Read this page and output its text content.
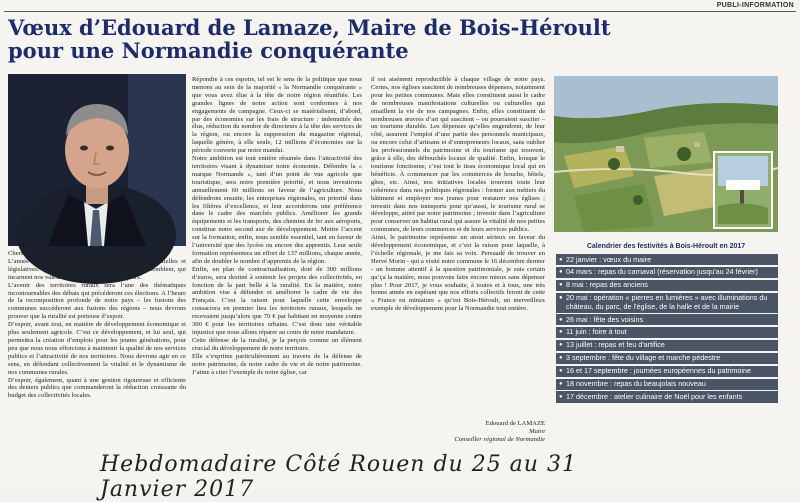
PUBLI-INFORMATION
Vœux d’Edouard de Lamaze, Maire de Bois-Héroult
pour une Normandie conquérante

Chers Amis,

L’année 2017 sera marquée par les élections présidentielles et législatives. Nous devrons choisir ceux qui nous rassemblent, qui incarnent nos valeurs et qui catalysent nos espoirs.

L’avenir des territoires ruraux sera l’une des thématiques incontournables des débats qui précéderont ces élections. A l’heure de la recomposition profonde de notre pays – les fusions des communes succéderont aux fusions des régions – nous devrons prouver que la ruralité est porteuse d’espoir.

D’espoir, avant tout, en matière de développement économique et plus seulement agricole. C’est ce développement, et lui seul, qui permettra la création d’emplois pour les jeunes générations, pour peu que nous nous efforcions à maintenir la qualité de nos services publics et l’attractivité de nos territoires. Nous devrons agir en ce sens, en défendant collectivement la vitalité et le dynamisme de nos communes rurales.

D’espoir, également, quant à une gestion rigoureuse et efficiente des deniers publics que commanderont la réduction croissante du budget des collectivités locales.

Répondre à ces espoirs, tel est le sens de la politique que nous menons au sein de la majorité « la Normandie conquérante » que vous avez élue à la tête de notre région réunifiée. Les grandes lignes de notre action sont conformes à nos engagements de campagne. Ceux-ci se matérialisent, d’abord, par des économies sur les frais de structure : indemnités des élus, réduction du nombre de directeurs à la tête des services de la région, ou encore la suppression du magazine régional, laquelle génère, à elle seule, 12 millions d’économies sur la période couverte par notre mandat.

Notre ambition est tout entière résumée dans l’attractivité des territoires visant à dynamiser notre économie. Défendre la « marque Normande », tant d’un point de vue agricole que touristique, sera notre première priorité, et nous investirons annuellement 60 millions en faveur de l’agriculture. Nous défendrons ensuite, les entreprises régionales, en priorité dans les filières d’excellence, et leur accorderons une préférence dans le cadre des marchés publics. Améliorer les grands équipements et les transports, des chemins de fer aux aéroports, constitue notre second axe de développement. Mettre l’accent sur la formation, enfin, nous semble essentiel, tant en faveur de l’université que des lycées ou encore des apprentis. Leur seule formation représentera un effort de 137 millions, chaque année, afin de doubler le nombre d’apprentis de la région.

Enfin, un plan de contractualisation, doté de 300 millions d’euros, sera destiné à soutenir les projets des collectivités, en fonction de la part belle à la ruralité. En la matière, notre ambition vise à défendre et améliorer le cadre de vie des Français. C’est la raison pour laquelle cette enveloppe consacrera en premier lieu les territoires ruraux, lesquels ne recevaient jusqu’alors que 70 € par habitant en moyenne contre 300 € pour les territoires urbains. C’est donc une véritable injustice que nous allons réparer au cours de notre mandature.

Cette défense de la ruralité, je la perçois comme un élément crucial du développement de notre territoire.

Elle s’exprime particulièrement au travers de la défense de notre patrimoine, de notre cadre de vie et de notre patrimoine. J’aime à citer l’exemple de notre église, car

il est aisément reproductible à chaque village de notre pays. Certes, nos églises suscitent de nombreuses dépenses, notamment pour les petites communes. Mais elles constituent aussi le cadre de nombreuses manifestations culturelles ou culturelles qui emaillent la vie de nos campagnes. Enfin, elles constituent de nombreuses œuvres d’art qui suscitent – ou pourraient susciter – un tourisme durable. Les dépenses qu’elles engendrent, de leur côté, assurent l’emploi d’une partie des personnels municipaux, ou encore celui d’artisans et d’entrepreneurs locaux, sans oublier les professionnels du patrimoine et du tourisme qui trouvent, grâce à elle, des débouchés locaux de qualité. Enfin, lorsque le tourisme fonctionne, c’est tout le tissu économique local qui en bénéficie. À commencer par les commerces de bouche, hôtels, gîtes, etc. Ainsi, nos initiatives locales trouvent toute leur cohérence dans nos politiques régionales : former aux métiers du bâtiment et employer nos jeunes pour restaurer nos églises ; investir dans nos transports pour qu’aussi, le tourisme rural se développe, attiré par notre patrimoine ; investir dans l’agriculture pour conserver un habitat rural qui assure la vitalité de nos petites communes, de leurs commerces et de leurs services publics.

Ainsi, le patrimoine représente un atout sérieux en faveur du développement économique, et c’est la raison pour laquelle, à l’échelle régionale, je me fais sa voix. Persuadé de trouver en Hervé Morin - qui a visité notre commune le 16 décembre dernier - un homme attentif à la question patrimoniale, je suis certain qu’ça la matière, nous pouvons faire encore mieux sans dépenser plus ! Pour 2017, je vous souhaite, à toutes et à tous, une très bonne année en espérant que nos efforts collectifs feront de cette « France en miniature » qu’est Bois-Héroult, un merveilleux exemple de développement pour la Normandie tout entière.

Edouard de LAMAZE
Maire
Conseiller régional de Normandie
Calendrier des festivités à Bois-Héroult en 2017
● 22 janvier : vœux du maire
● 04 mars : repas du carnaval (réservation jusqu'au 24 février)
● 8 mai : repas des anciens
● 20 mai : opération « pierres en lumières » avec illuminations du château, du parc, de l'église, de la halle et de la mairie
● 26 mai : fête des voisins
● 11 juin : foire à tout
● 13 juillet : repas et feu d'artifice
● 3 septembre : fête du village et marche pédestre
● 16 et 17 septembre : journées européennes du patrimoine
● 18 novembre : repas du beaujolais nouveau
● 17 décembre : atelier culinaire de Noël pour les enfants
Hebdomadaire Côté Rouen du 25 au 31 Janvier 2017
